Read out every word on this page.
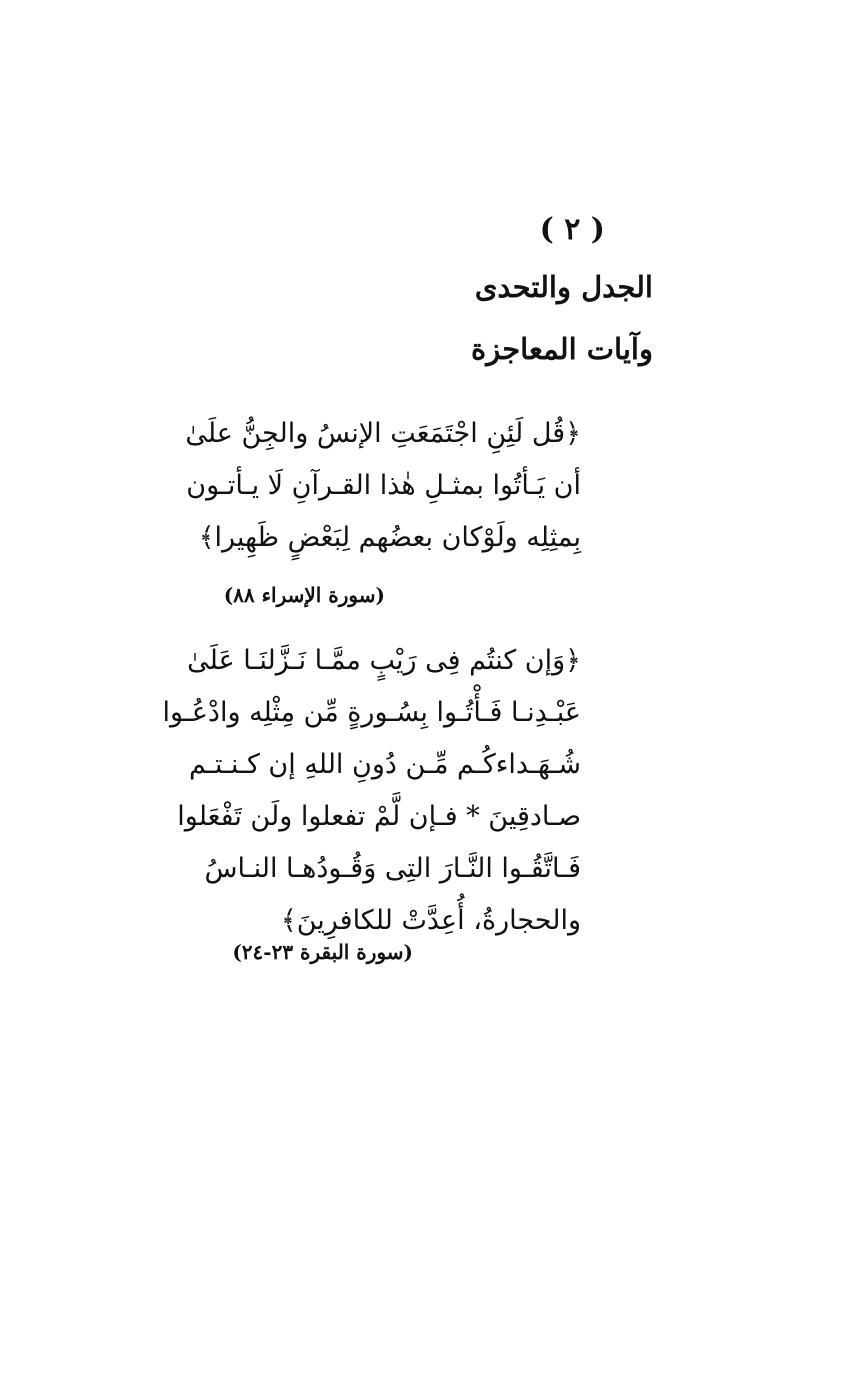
( ٢ )
الجدل والتحدى
وآيات المعاجزة
﴿قُل لَئِنِ اجْتَمَعَتِ الإنسُ والجِنُّ علَىٰ
أن يَـأتُوا بمثـلِ هٰذا القـرآنِ لَا يـأتـون
بِمثِلِه ولَوْكان بعضُهم لِبَعْضٍ ظَهِيرا﴾
(سورة الإسراء ٨٨)
﴿وَإن كنتُم فِى رَيْبٍ ممَّـا نَـزَّلنَـا عَلَىٰ
عَبْـدِنـا فَـأْتُـوا بِسُـورةٍ مِّن مِثْلِه وادْعُـوا
شُـهَـداءكُـم مِّـن دُونِ اللهِ إن كـنـتـم
صـادقِينَ * فـإن لَّمْ تفعلوا ولَن تَفْعَلوا
فَـاتَّقُـوا النَّـارَ التِى وَقُـودُهـا النـاسُ
والحجارةُ، أُعِدَّتْ للكافرِينَ﴾
(سورة البقرة ٢٣-٢٤)
